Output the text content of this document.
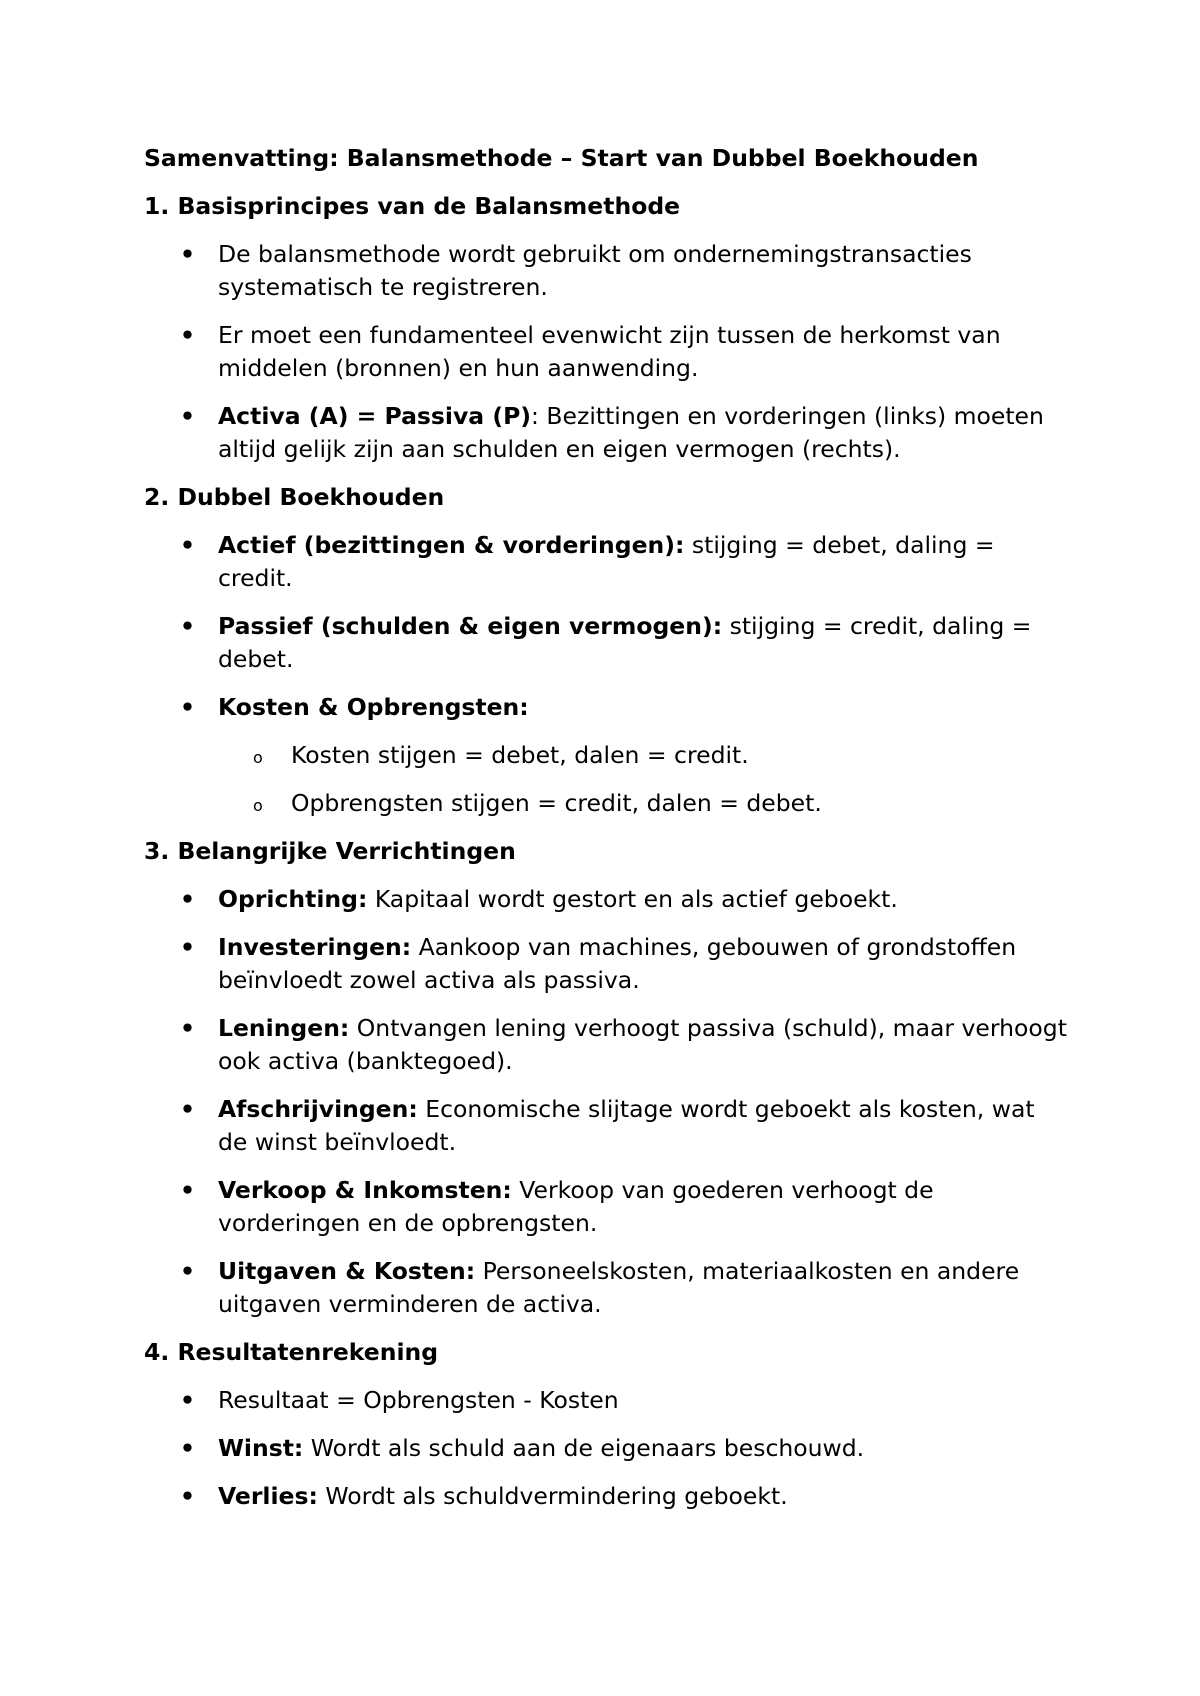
Samenvatting: Balansmethode – Start van Dubbel Boekhouden
1. Basisprincipes van de Balansmethode
• De balansmethode wordt gebruikt om ondernemingstransacties systematisch te registreren.
• Er moet een fundamenteel evenwicht zijn tussen de herkomst van middelen (bronnen) en hun aanwending.
• Activa (A) = Passiva (P): Bezittingen en vorderingen (links) moeten altijd gelijk zijn aan schulden en eigen vermogen (rechts).
2. Dubbel Boekhouden
• Actief (bezittingen & vorderingen): stijging = debet, daling = credit.
• Passief (schulden & eigen vermogen): stijging = credit, daling = debet.
• Kosten & Opbrengsten:
o Kosten stijgen = debet, dalen = credit.
o Opbrengsten stijgen = credit, dalen = debet.
3. Belangrijke Verrichtingen
• Oprichting: Kapitaal wordt gestort en als actief geboekt.
• Investeringen: Aankoop van machines, gebouwen of grondstoffen beïnvloedt zowel activa als passiva.
• Leningen: Ontvangen lening verhoogt passiva (schuld), maar verhoogt ook activa (banktegoed).
• Afschrijvingen: Economische slijtage wordt geboekt als kosten, wat de winst beïnvloedt.
• Verkoop & Inkomsten: Verkoop van goederen verhoogt de vorderingen en de opbrengsten.
• Uitgaven & Kosten: Personeelskosten, materiaalkosten en andere uitgaven verminderen de activa.
4. Resultatenrekening
• Resultaat = Opbrengsten - Kosten
• Winst: Wordt als schuld aan de eigenaars beschouwd.
• Verlies: Wordt als schuldvermindering geboekt.
